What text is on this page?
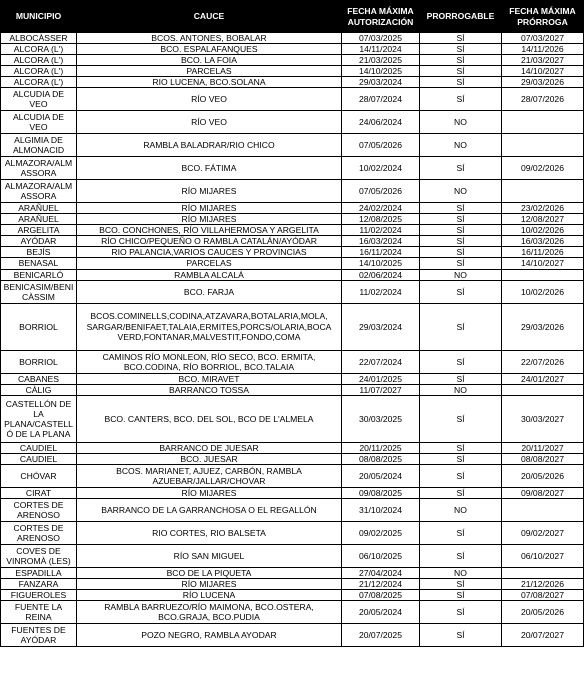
MUNICIPIO	CAUCE	FECHA MÁXIMA AUTORIZACIÓN	PRORROGABLE	FECHA MÁXIMA PRÓRROGA
ALBOCÀSSER	BCOS. ANTONES, BOBALAR	07/03/2025	SÍ	07/03/2027
ALCORA (L')	BCO. ESPALAFANQUES	14/11/2024	SÍ	14/11/2026
ALCORA (L')	BCO. LA FOIA	21/03/2025	SÍ	21/03/2027
ALCORA (L')	PARCELAS	14/10/2025	SÍ	14/10/2027
ALCORA (L')	RIO LUCENA, BCO.SOLANA	29/03/2024	SÍ	29/03/2026
ALCUDIA DE VEO	RÍO VEO	28/07/2024	SÍ	28/07/2026
ALCUDIA DE VEO	RÍO VEO	24/06/2024	NO	
ALGIMIA DE ALMONACID	RAMBLA BALADRAR/RIO CHICO	07/05/2026	NO	
ALMAZORA/ALMASSORA	BCO. FÁTIMA	10/02/2024	SÍ	09/02/2026
ALMAZORA/ALMASSORA	RÍO MIJARES	07/05/2026	NO	
ARAÑUEL	RÍO MIJARES	24/02/2024	SÍ	23/02/2026
ARAÑUEL	RÍO MIJARES	12/08/2025	SÍ	12/08/2027
ARGELITA	BCO. CONCHONES, RÍO VILLAHERMOSA Y ARGELITA	11/02/2024	SÍ	10/02/2026
AYÓDAR	RÍO CHICO/PEQUEÑO O RAMBLA CATALÁN/AYÓDAR	16/03/2024	SÍ	16/03/2026
BEJÍS	RIO PALANCIA,VARIOS CAUCES Y PROVINCIAS	16/11/2024	SÍ	16/11/2026
BENASAL	PARCELAS	14/10/2025	SÍ	14/10/2027
BENICARLÓ	RAMBLA ALCALÁ	02/06/2024	NO	
BENICASIM/BENICÀSSIM	BCO. FARJA	11/02/2024	SÍ	10/02/2026
BORRIOL	BCOS.COMINELLS,CODINA,ATZAVARA,BOTALARIA,MOLA, SARGAR/BENIFAET,TALAIA,ERMITES,PORCS/OLARIA,BOCA VERD,FONTANAR,MALVESTIT,FONDO,COMA	29/03/2024	SÍ	29/03/2026
BORRIOL	CAMINOS RÍO MONLEON, RÍO SECO, BCO. ERMITA, BCO.CODINA, RÍO BORRIOL, BCO.TALAIA	22/07/2024	SÍ	22/07/2026
CABANES	BCO. MIRAVET	24/01/2025	SÍ	24/01/2027
CÀLIG	BARRANCO TOSSA	11/07/2027	NO	
CASTELLÓN DE LA PLANA/CASTELLÓ DE LA PLANA	BCO. CANTERS, BCO. DEL SOL, BCO DE L'ALMELA	30/03/2025	SÍ	30/03/2027
CAUDIEL	BARRANCO DE JUESAR	20/11/2025	SÍ	20/11/2027
CAUDIEL	BCO. JUESAR	08/08/2025	SÍ	08/08/2027
CHÓVAR	BCOS. MARIANET, AJUEZ, CARBÓN, RAMBLA AZUEBAR/JALLAR/CHOVAR	20/05/2024	SÍ	20/05/2026
CIRAT	RÍO MIJARES	09/08/2025	SÍ	09/08/2027
CORTES DE ARENOSO	BARRANCO DE LA GARRANCHOSA O EL REGALLÓN	31/10/2024	NO	
CORTES DE ARENOSO	RIO CORTES, RIO BALSETA	09/02/2025	SÍ	09/02/2027
COVES DE VINROMÀ (LES)	RÍO SAN MIGUEL	06/10/2025	SÍ	06/10/2027
ESPADILLA	BCO DE LA PIQUETA	27/04/2024	NO	
FANZARA	RÍO MIJARES	21/12/2024	SÍ	21/12/2026
FIGUEROLES	RÍO LUCENA	07/08/2025	SÍ	07/08/2027
FUENTE LA REINA	RAMBLA BARRUEZO/RÍO MAIMONA, BCO.OSTERA, BCO.GRAJA, BCO.PUDIA	20/05/2024	SÍ	20/05/2026
FUENTES DE AYÓDAR	POZO NEGRO, RAMBLA AYODAR	20/07/2025	SÍ	20/07/2027
